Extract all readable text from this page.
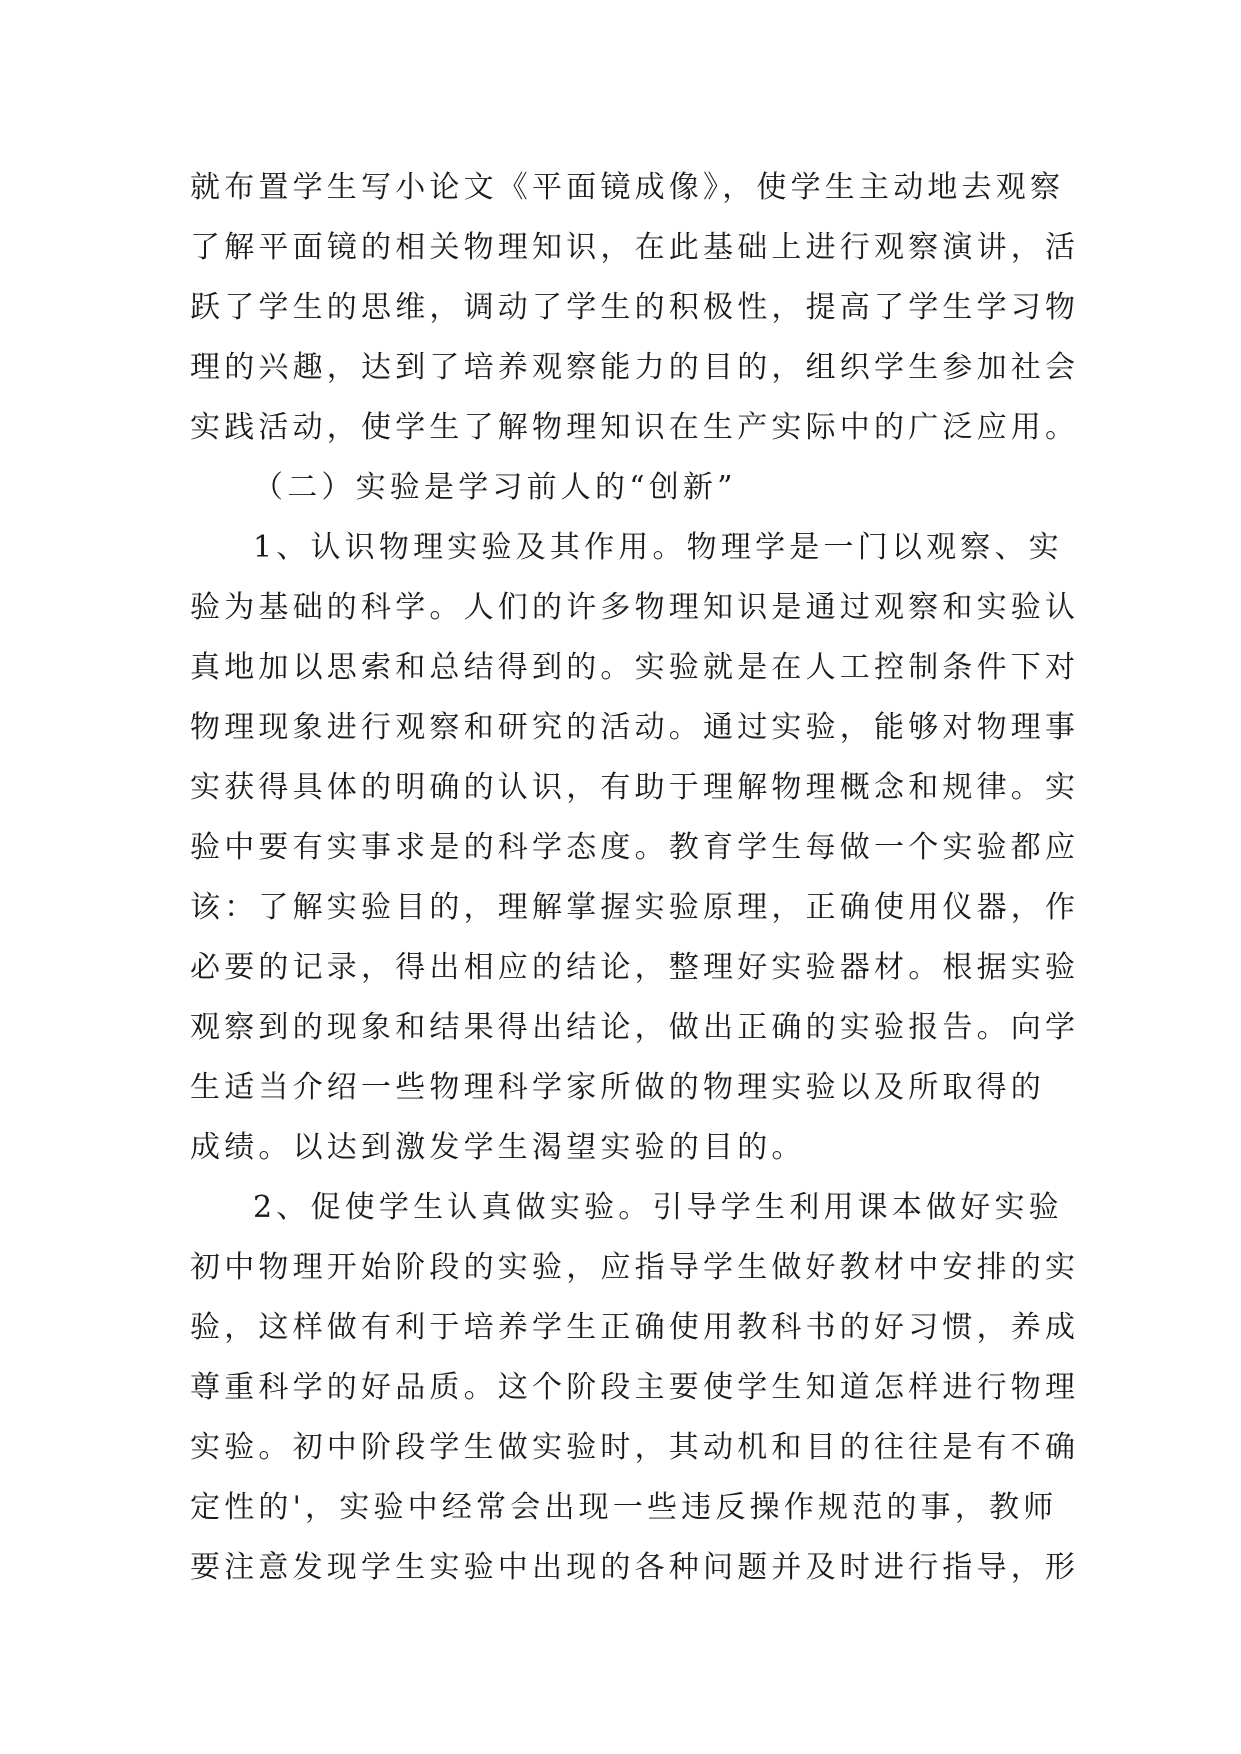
就布置学生写小论文《平面镜成像》，使学生主动地去观察
了解平面镜的相关物理知识，在此基础上进行观察演讲，活
跃了学生的思维，调动了学生的积极性，提高了学生学习物
理的兴趣，达到了培养观察能力的目的，组织学生参加社会
实践活动，使学生了解物理知识在生产实际中的广泛应用。
（二）实验是学习前人的“创新”
1、认识物理实验及其作用。物理学是一门以观察、实
验为基础的科学。人们的许多物理知识是通过观察和实验认
真地加以思索和总结得到的。实验就是在人工控制条件下对
物理现象进行观察和研究的活动。通过实验，能够对物理事
实获得具体的明确的认识，有助于理解物理概念和规律。实
验中要有实事求是的科学态度。教育学生每做一个实验都应
该：了解实验目的，理解掌握实验原理，正确使用仪器，作
必要的记录，得出相应的结论，整理好实验器材。根据实验
观察到的现象和结果得出结论，做出正确的实验报告。向学
生适当介绍一些物理科学家所做的物理实验以及所取得的
成绩。以达到激发学生渴望实验的目的。
2、促使学生认真做实验。引导学生利用课本做好实验
初中物理开始阶段的实验，应指导学生做好教材中安排的实
验，这样做有利于培养学生正确使用教科书的好习惯，养成
尊重科学的好品质。这个阶段主要使学生知道怎样进行物理
实验。初中阶段学生做实验时，其动机和目的往往是有不确
定性的'，实验中经常会出现一些违反操作规范的事，教师
要注意发现学生实验中出现的各种问题并及时进行指导，形
